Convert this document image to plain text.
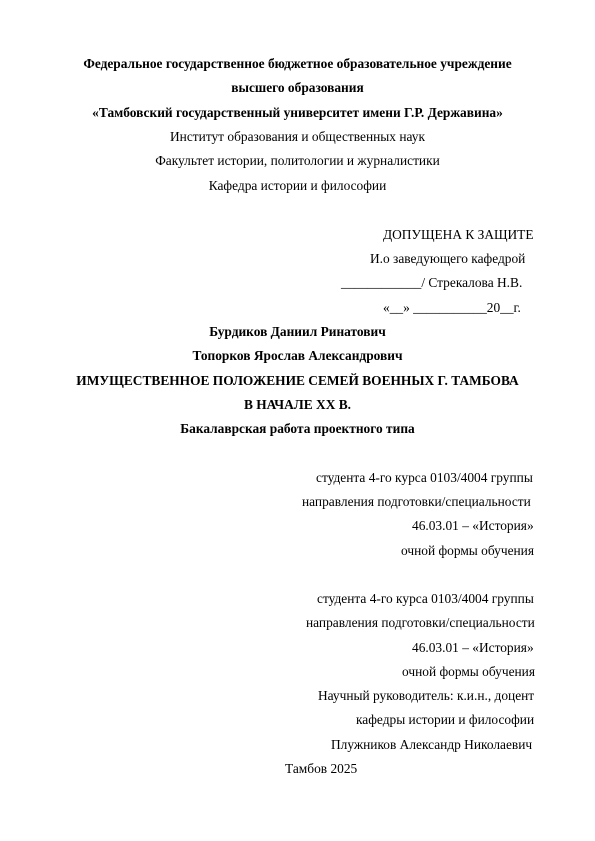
Федеральное государственное бюджетное образовательное учреждение
высшего образования
«Тамбовский государственный университет имени Г.Р. Державина»
Институт образования и общественных наук
Факультет истории, политологии и журналистики
Кафедра истории и философии
ДОПУЩЕНА К ЗАЩИТЕ
И.о заведующего кафедрой
____________/ Стрекалова Н.В.
«__» ___________20__г.
Бурдиков Даниил Ринатович
Топорков Ярослав Александрович
ИМУЩЕСТВЕННОЕ ПОЛОЖЕНИЕ СЕМЕЙ ВОЕННЫХ Г. ТАМБОВА
В НАЧАЛЕ XX В.
Бакалаврская работа проектного типа
студента 4-го курса 0103/4004 группы
направления подготовки/специальности
46.03.01 – «История»
очной формы обучения
студента 4-го курса 0103/4004 группы
направления подготовки/специальности
46.03.01 – «История»
очной формы обучения
Научный руководитель: к.и.н., доцент
кафедры истории и философии
Плужников Александр Николаевич
Тамбов 2025
